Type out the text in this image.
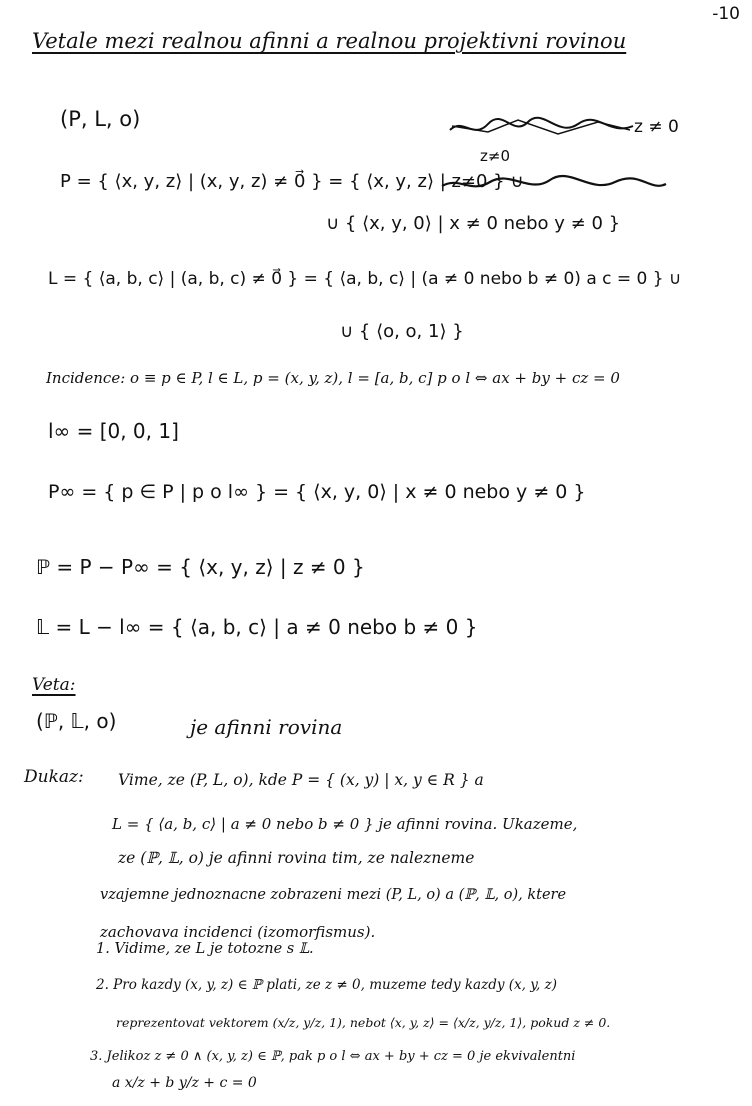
-10
Vetale mezi realnou afinni a realnou projektivni rovinou
(P, L, o)	z ≠ 0
z≠0
P = { ⟨x, y, z⟩ | (x, y, z) ≠ 0⃗ } = { ⟨x, y, z⟩ | z≠0 } ∪
∪ { ⟨x, y, 0⟩ | x ≠ 0 nebo y ≠ 0 }
L = { ⟨a, b, c⟩ | (a, b, c) ≠ 0⃗ } = { ⟨a, b, c⟩ | (a ≠ 0 nebo b ≠ 0) a c = 0 } ∪
∪ { ⟨o, o, 1⟩ }
Incidence: o ≡ p ∈ P, l ∈ L, p = (x, y, z), l = [a, b, c] p o l ⇔ ax + by + cz = 0
l∞ = [0, 0, 1]
P∞ = { p ∈ P | p o l∞ } = { ⟨x, y, 0⟩ | x ≠ 0 nebo y ≠ 0 }
ℙ = P − P∞ = { ⟨x, y, z⟩ | z ≠ 0 }
𝕃 = L − l∞ = { ⟨a, b, c⟩ | a ≠ 0 nebo b ≠ 0 }
Veta:
(ℙ, 𝕃, o)	je afinni rovina
Dukaz: Vime, ze (P, L, o), kde P = { (x, y) | x, y ∈ R } a
L = { ⟨a, b, c⟩ | a ≠ 0 nebo b ≠ 0 } je afinni rovina. Ukazeme,
ze (ℙ, 𝕃, o) je afinni rovina tim, ze nalezneme
vzajemne jednoznacne zobrazeni mezi (P, L, o) a (ℙ, 𝕃, o), ktere
zachovava incidenci (izomorfismus).
1. Vidime, ze L je totozne s 𝕃.
2. Pro kazdy (x, y, z) ∈ ℙ plati, ze z ≠ 0, muzeme tedy kazdy (x, y, z)
reprezentovat vektorem (x/z, y/z, 1), nebot ⟨x, y, z⟩ = ⟨x/z, y/z, 1⟩, pokud z ≠ 0.
3. Jelikoz z ≠ 0 ∧ (x, y, z) ∈ ℙ, pak p o l ⇔ ax + by + cz = 0 je ekvivalentni
a x/z + b y/z + c = 0
